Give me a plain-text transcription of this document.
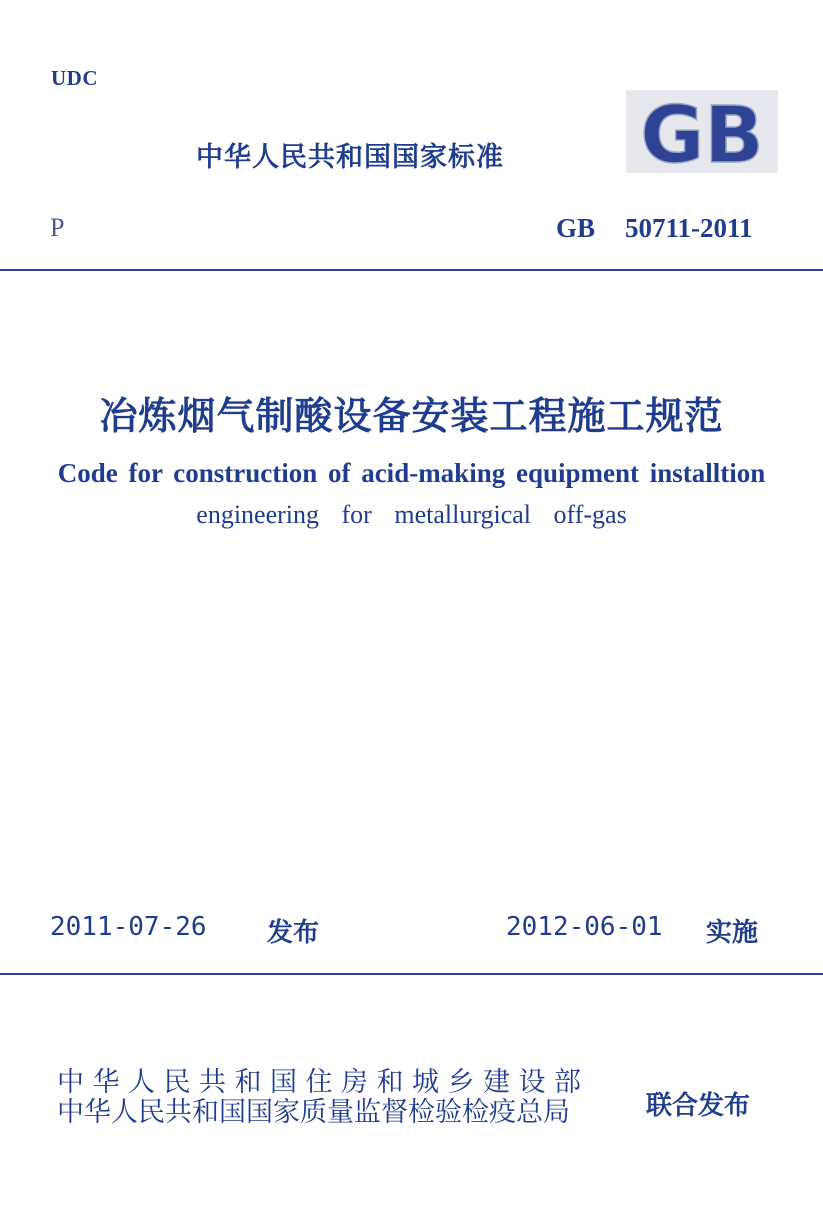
UDC
中华人民共和国国家标准 GB
P	GB 50711-2011
冶炼烟气制酸设备安装工程施工规范
Code for construction of acid-making equipment installtion
engineering for metallurgical off-gas
2011-07-26 发布	2012-06-01 实施
中华人民共和国住房和城乡建设部
中华人民共和国国家质量监督检验检疫总局	联合发布
